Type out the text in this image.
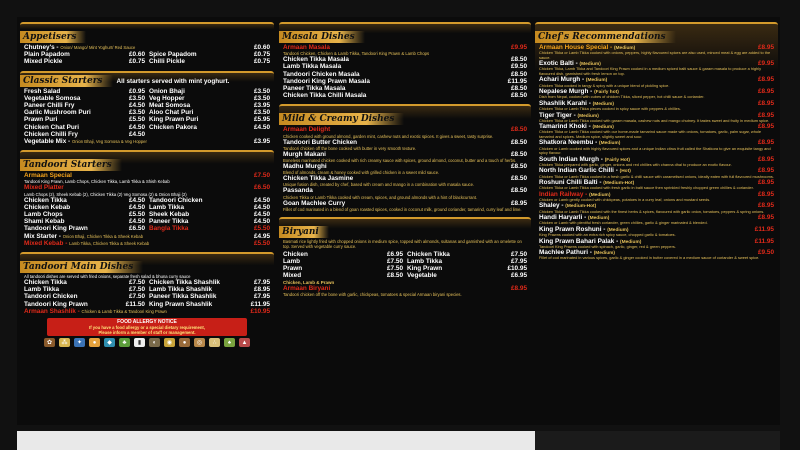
Appetisers
Chutney's - Onion/ Mango/ Mint Yoghurt/ Red Sauce	£0.60
Plain Papadom	£0.60 Spice Papadom	£0.75
Mixed Pickle	£0.75 Chilli Pickle	£0.75
Classic Starters	All starters served with mint yoghurt.
Fresh Salad	£0.95 Onion Bhaji	£3.50
Vegetable Somosa	£3.50 Veg Hopper	£3.50
Paneer Chilli Fry	£4.50 Meat Somosa	£3.95
Garlic Mushroom Puri	£3.50 Aloo Chat Puri	£3.50
Prawn Puri	£5.50 King Prawn Puri	£5.95
Chicken Chat Puri	£4.50 Chicken Pakora	£4.50
Chicken Chilli Fry	£4.50
Vegetable Mix - Onion Bhaji, Veg Somosa & Veg Hopper	£3.95
Tandoori Starters
Armaan Special	£7.50
Tandoori King Prawn, Lamb Chops, Chicken Tikka, Lamb Tikka & Shish Kebab
Mixed Platter	£6.50
Lamb Chops (2), Sheek Kebab (2), Chicken Tikka (2) Veg Somosa (2) & Onion Bhaji (2)
Chicken Tikka	£4.50 Tandoori Chicken	£4.50
Chicken Kebab	£4.50 Lamb Tikka	£4.50
Lamb Chops	£5.50 Sheek Kebab	£4.50
Shami Kebab	£4.50 Paneer Tikka	£4.50
Tandoori King Prawn	£6.50 Bangla Tikka	£5.50
Mix Starter - Onion Bhaji, Chicken Tikka & Sheek Kebab	£4.95
Mixed Kebab - Lamb Tikka, Chicken Tikka & Sheek Kebab	£5.50
Tandoori Main Dishes
All tandoori dishes are served with fried onions, separate fresh salad & bhuna curry sauce
Chicken Tikka	£7.50 Chicken Tikka Shashlik	£7.95
Lamb Tikka	£7.50 Lamb Tikka Shashlik	£8.95
Tandoori Chicken	£7.50 Paneer Tikka Shashlik	£7.95
Tandoori King Prawn	£11.50 King Prawn Shashlik	£11.95
Armaan Shashlik - Chicken & Lamb Tikka & Tandoori King Prawn	£10.95
FOOD ALLERGY NOTICE
If you have a food allergy or a special dietary requirement,
Please inform a member of staff or management.
✿	⁂	✦	●	◆	♣	▮	◐	◉	●	◎	∴	♠	▲
Masala Dishes
Armaan Masala	£9.95
Tandoori Chicken, Chicken & Lamb Tikka, Tandoori King Prawn & Lamb Chops
Chicken Tikka Masala	£8.50
Lamb Tikka Masala	£9.50
Tandoori Chicken Masala	£8.50
Tandoori King Prawn Masala	£11.95
Paneer Tikka Masala	£8.50
Chicken Tikka Chilli Masala	£8.50
Mild & Creamy Dishes
Armaan Delight	£8.50
Chicken cooked with ground almond, garden mint, cashew nuts and exotic spices. It gives a sweet, tasty surprise.
Tandoori Butter Chicken	£8.50
Tandoori chicken off the bone cooked with butter in very smooth texture.
Murgh Makani	£8.50
Boneless marinated chicken cooked with rich creamy sauce with spices, ground almond, coconut, butter and a touch of herbs.
Madhu Murghi	£8.50
Blend of almonds, cream & honey cooked with grilled chicken in a sweet mild sauce.
Chicken Tikka Jasmine	£8.50
Unique fusion dish, created by chef, based with cream and mango in a combination with masala sauce.
Passanda	£8.50
Chicken Tikka or Lamb Tikka cooked with cream, spices, and ground almonds with a hint of blackcurrant.
Goan Machlee Curry	£8.95
Fillet of cod marinated in a blend of goan roasted spices, cooked in coconut milk, ground coriander, tamarind, curry leaf and lime.
Biryani
Basmati rice lightly fried with chopped onions in medium spice, topped with almonds, sultanas and garnished with an omelette on top. Served with vegetable curry sauce.
Chicken	£6.95 Chicken Tikka	£7.50
Lamb	£7.50 Lamb Tikka	£7.95
Prawn	£7.50 King Prawn	£10.95
Mixed	£8.50 Vegetable	£6.95
Chicken, Lamb & Prawn
Armaan Biryani	£8.95
Tandoori chicken off the bone with garlic, chickpeas, tomatoes & special Armaan biryani species.
Chef's Recommendations
Armaan House Special - (Medium)	£8.95
Chicken Tikka or Lamb Tikka cooked with onions, peppers, highly flavoured spices are also used, minced meat & egg are added to the sauce.
Exotic Balti - (Medium)	£9.95
Chicken Tikka, Lamb Tikka and Tandoori King Prawn cooked in a medium spiced balti sauce & garam masala to produce a highly flavoured dish, garnished with fresh lemon on top.
Achari Murgh - (Medium)	£8.95
Chicken Tikka cooked in tangy & spicy with a unique blend of pickling spice.
Nepalese Murgh - (Fairly hot)	£8.95
Dish from Nepal, cooked with cubes of chicken Tikka, sliced pepper, hot chilli sauce & coriander.
Shashlik Karahi - (Medium)	£8.95
Chicken Tikka or Lamb Tikka pieces cooked in spicy sauce with peppers & chillies.
Tiger Tiger - (Medium)	£8.95
Chicken Tikka or Lamb Tikka cooked with garam masala, cashew nuts and mango chutney. It tastes sweet and fruity in medium spice.
Tamarind Khoki - (Medium)	£8.95
Chicken Tikka or Lamb Tikka cooked with our home-made tamarind sauce made with onions, tomatoes, garlic, palm sugar, whole tamarind and spices. Medium spice, slightly sweet and sour.
Shatkora Neembu - (Medium)	£8.95
Chicken or Lamb cooked with highly flavoured spices and a unique Indian citrus fruit called the Shatkora to give an exquisite tangy and spicy flavour.
South Indian Murgh - (Fairly Hot)	£8.95
Chicken Tikka prepared with garlic, ginger, onions and red chillies with channa dhal to produce an exotic flavour.
North Indian Garlic Chilli - (Hot)	£8.95
Chicken Tikka or Lamb Tikka cooked in a fresh garlic & chilli sauce with caramelised onions, ideally eaten with full flavoured mushrooms.
Roshuni Chilli Balti - (Medium-Hot)	£8.95
Chicken Tikka or Lamb Tikka cooked with fresh garlic in balti sauce then sprinkled freshly chopped green chillies & coriander.
Indian Railway - (Medium)	£8.95
Chicken or Lamb gently cooked with chickpeas, potatoes in a curry leaf, onions and mustard seeds.
Shaley - (Medium-Hot)	£8.95
Chicken Tikka or Lamb Tikka cooked with the finest herbs & spices, flavoured with garlic onion, tomatoes, peppers & spring onions.
Handi Haryarli - (Medium)	£8.95
Chicken or Lamb with plentiful fresh coriander, green chillies, garlic & ginger marinated & blended.
King Prawn Roshuni - (Medium)	£11.95
King Prawns cooked with an extra rich spicy sauce, chopped garlic & tomatoes.
King Prawn Bahari Palak - (Medium)	£11.95
Tandoori King Prawns cooked with spinach, garlic, ginger, red & green peppers.
Machlee Pathuri - (Medium)	£9.50
Fillet of cod marinated in various spices, garlic & ginger cooked in butter covered in a medium sauce of coriander & sweet spice.
